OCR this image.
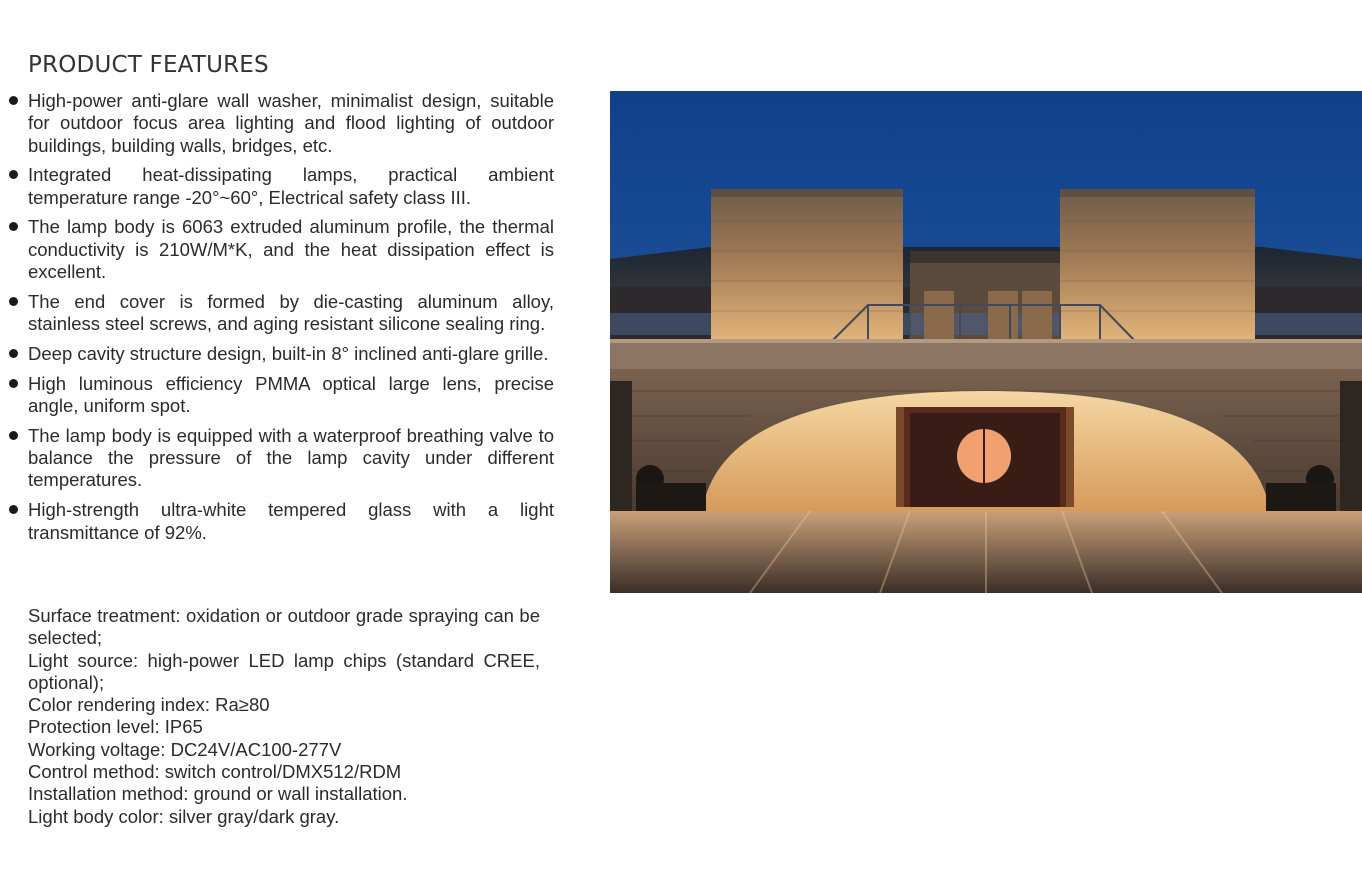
PRODUCT FEATURES
High-power anti-glare wall washer, minimalist design, suitable for outdoor focus area lighting and flood lighting of outdoor buildings, building walls, bridges, etc.
Integrated heat-dissipating lamps, practical ambient temperature range -20°~60°, Electrical safety class III.
The lamp body is 6063 extruded aluminum profile, the thermal conductivity is 210W/M*K, and the heat dissipation effect is excellent.
The end cover is formed by die-casting aluminum alloy, stainless steel screws, and aging resistant silicone sealing ring.
Deep cavity structure design, built-in 8° inclined anti-glare grille.
High luminous efficiency PMMA optical large lens, precise angle, uniform spot.
The lamp body is equipped with a waterproof breathing valve to balance the pressure of the lamp cavity under different temperatures.
High-strength ultra-white tempered glass with a light transmittance of 92%.

Surface treatment: oxidation or outdoor grade spraying can be selected;

Light source: high-power LED lamp chips (standard CREE, optional);

Color rendering index: Ra≥80

Protection level: IP65

Working voltage: DC24V/AC100-277V

Control method: switch control/DMX512/RDM

Installation method: ground or wall installation.

Light body color: silver gray/dark gray.
